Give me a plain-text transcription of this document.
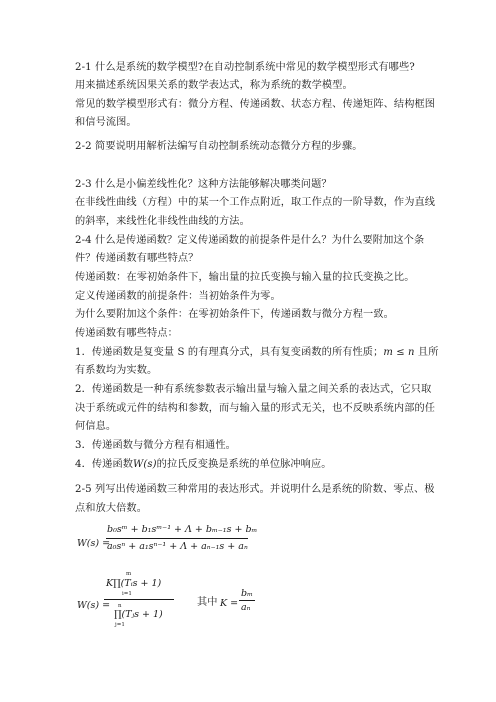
2-1 什么是系统的数学模型?在自动控制系统中常见的数学模型形式有哪些?
用来描述系统因果关系的数学表达式，称为系统的数学模型。
常见的数学模型形式有：微分方程、传递函数、状态方程、传递矩阵、结构框图
和信号流图。
2-2 简要说明用解析法编写自动控制系统动态微分方程的步骤。
2-3 什么是小偏差线性化？这种方法能够解决哪类问题？
在非线性曲线（方程）中的某一个工作点附近，取工作点的一阶导数，作为直线
的斜率，来线性化非线性曲线的方法。
2-4 什么是传递函数？定义传递函数的前提条件是什么？为什么要附加这个条
件？传递函数有哪些特点？
传递函数：在零初始条件下，输出量的拉氏变换与输入量的拉氏变换之比。
定义传递函数的前提条件：当初始条件为零。
为什么要附加这个条件：在零初始条件下，传递函数与微分方程一致。
传递函数有哪些特点：
1．传递函数是复变量 S 的有理真分式，具有复变函数的所有性质；m ≤ n 且所
有系数均为实数。
2．传递函数是一种有系统参数表示输出量与输入量之间关系的表达式，它只取
决于系统或元件的结构和参数，而与输入量的形式无关，也不反映系统内部的任
何信息。
3．传递函数与微分方程有相通性。
4．传递函数W(s)的拉氏反变换是系统的单位脉冲响应。
2-5 列写出传递函数三种常用的表达形式。并说明什么是系统的阶数、零点、极
点和放大倍数。
W(s) =
b₀sᵐ + b₁sᵐ⁻¹ + Λ + bₘ₋₁s + bₘ
a₀sⁿ + a₁sⁿ⁻¹ + Λ + aₙ₋₁s + aₙ
W(s) =
m
K∏(Tᵢs + 1)
i=1
n
∏(Tⱼs + 1)
j=1
其中 K =
bₘ
aₙ
